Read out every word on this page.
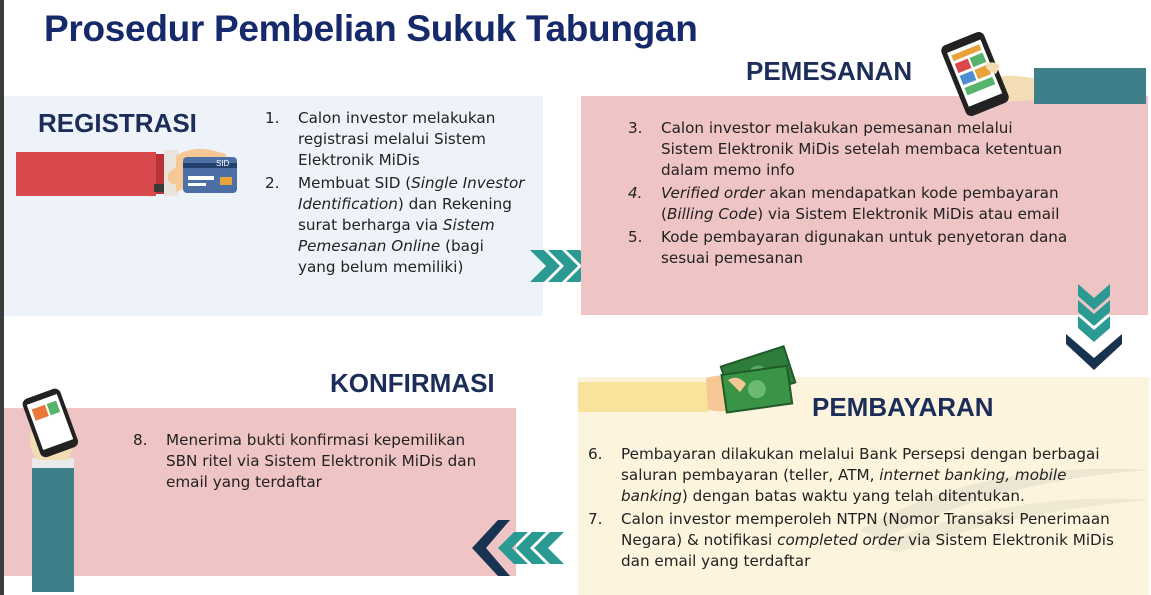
Prosedur Pembelian Sukuk Tabungan
REGISTRASI
SID
1. Calon investor melakukan registrasi melalui Sistem Elektronik MiDis
2. Membuat SID (Single Investor Identification) dan Rekening surat berharga via Sistem Pemesanan Online (bagi yang belum memiliki)
PEMESANAN
3. Calon investor melakukan pemesanan melalui Sistem Elektronik MiDis setelah membaca ketentuan dalam memo info
4. Verified order akan mendapatkan kode pembayaran (Billing Code) via Sistem Elektronik MiDis atau email
5. Kode pembayaran digunakan untuk penyetoran dana sesuai pemesanan
PEMBAYARAN
6. Pembayaran dilakukan melalui Bank Persepsi dengan berbagai saluran pembayaran (teller, ATM, internet banking, mobile banking) dengan batas waktu yang telah ditentukan.
7. Calon investor memperoleh NTPN (Nomor Transaksi Penerimaan Negara) & notifikasi completed order via Sistem Elektronik MiDis dan email yang terdaftar
KONFIRMASI
8. Menerima bukti konfirmasi kepemilikan SBN ritel via Sistem Elektronik MiDis dan email yang terdaftar
